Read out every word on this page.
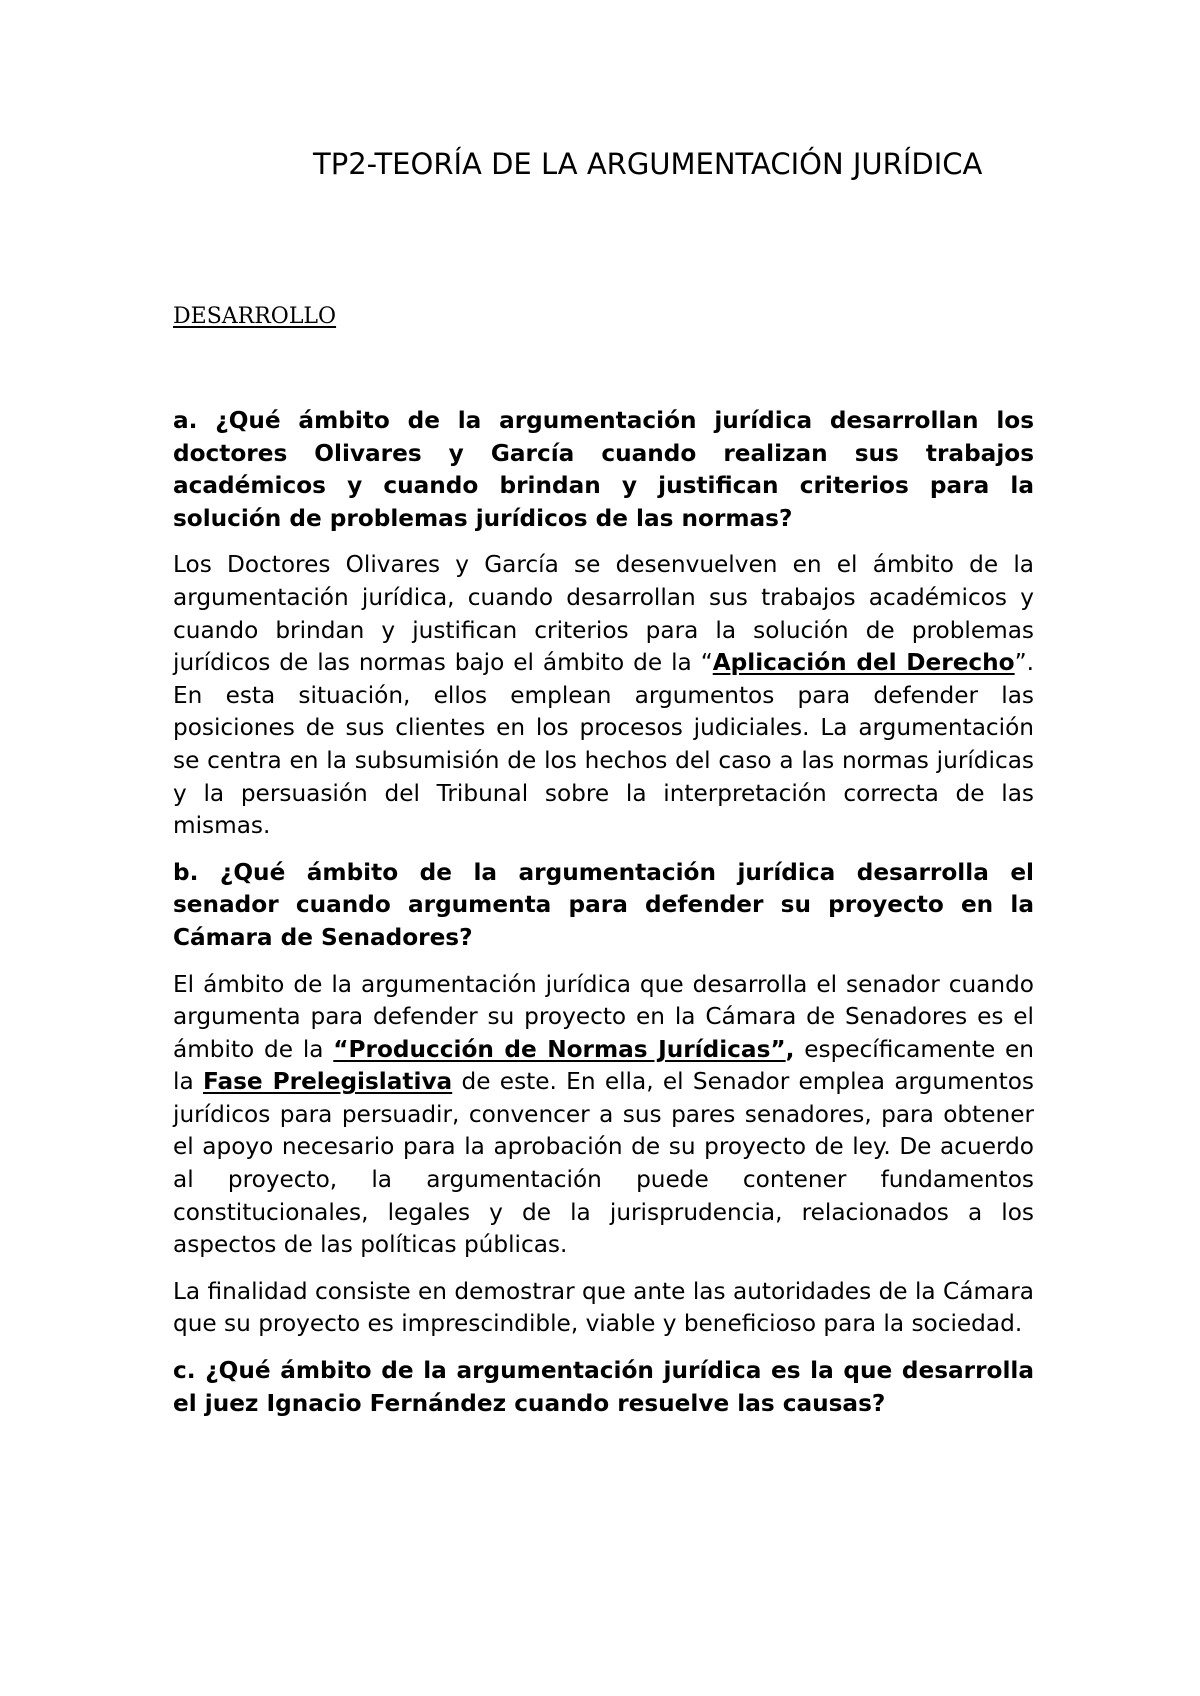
TP2-TEORÍA DE LA ARGUMENTACIÓN JURÍDICA
DESARROLLO

a. ¿Qué ámbito de la argumentación jurídica desarrollan los doctores Olivares y García cuando realizan sus trabajos académicos y cuando brindan y justifican criterios para la solución de problemas jurídicos de las normas?

Los Doctores Olivares y García se desenvuelven en el ámbito de la argumentación jurídica, cuando desarrollan sus trabajos académicos y cuando brindan y justifican criterios para la solución de problemas jurídicos de las normas bajo el ámbito de la “Aplicación del Derecho”. En esta situación, ellos emplean argumentos para defender las posiciones de sus clientes en los procesos judiciales. La argumentación se centra en la subsumisión de los hechos del caso a las normas jurídicas y la persuasión del Tribunal sobre la interpretación correcta de las mismas.

b. ¿Qué ámbito de la argumentación jurídica desarrolla el senador cuando argumenta para defender su proyecto en la Cámara de Senadores?

El ámbito de la argumentación jurídica que desarrolla el senador cuando argumenta para defender su proyecto en la Cámara de Senadores es el ámbito de la “Producción de Normas Jurídicas”, específicamente en la Fase Prelegislativa de este. En ella, el Senador emplea argumentos jurídicos para persuadir, convencer a sus pares senadores, para obtener el apoyo necesario para la aprobación de su proyecto de ley. De acuerdo al proyecto, la argumentación puede contener fundamentos constitucionales, legales y de la jurisprudencia, relacionados a los aspectos de las políticas públicas.

La finalidad consiste en demostrar que ante las autoridades de la Cámara que su proyecto es imprescindible, viable y beneficioso para la sociedad.

c. ¿Qué ámbito de la argumentación jurídica es la que desarrolla el juez Ignacio Fernández cuando resuelve las causas?
